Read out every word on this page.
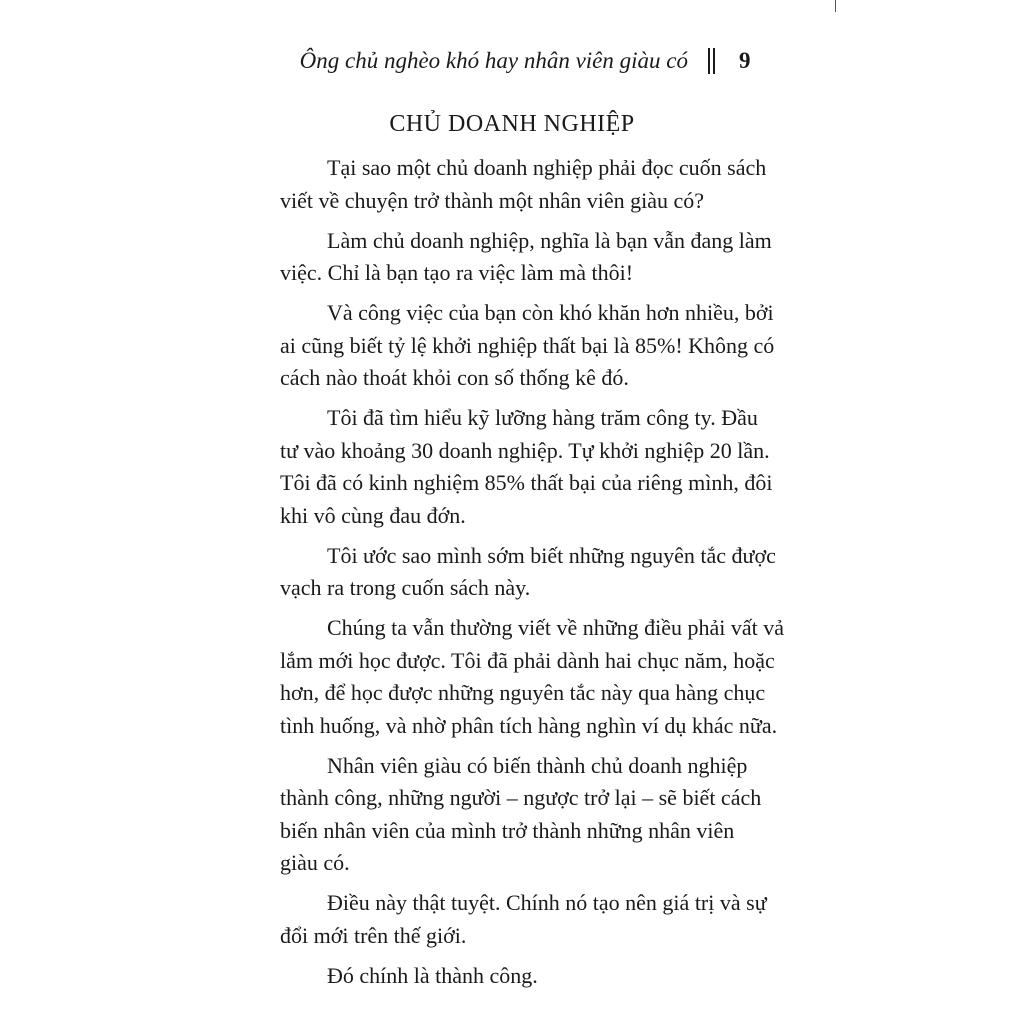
Ông chủ nghèo khó hay nhân viên giàu có 9
CHỦ DOANH NGHIỆP
Tại sao một chủ doanh nghiệp phải đọc cuốn sách
viết về chuyện trở thành một nhân viên giàu có?
Làm chủ doanh nghiệp, nghĩa là bạn vẫn đang làm
việc. Chỉ là bạn tạo ra việc làm mà thôi!
Và công việc của bạn còn khó khăn hơn nhiều, bởi
ai cũng biết tỷ lệ khởi nghiệp thất bại là 85%! Không có
cách nào thoát khỏi con số thống kê đó.
Tôi đã tìm hiểu kỹ lưỡng hàng trăm công ty. Đầu
tư vào khoảng 30 doanh nghiệp. Tự khởi nghiệp 20 lần.
Tôi đã có kinh nghiệm 85% thất bại của riêng mình, đôi
khi vô cùng đau đớn.
Tôi ước sao mình sớm biết những nguyên tắc được
vạch ra trong cuốn sách này.
Chúng ta vẫn thường viết về những điều phải vất vả
lắm mới học được. Tôi đã phải dành hai chục năm, hoặc
hơn, để học được những nguyên tắc này qua hàng chục
tình huống, và nhờ phân tích hàng nghìn ví dụ khác nữa.
Nhân viên giàu có biến thành chủ doanh nghiệp
thành công, những người – ngược trở lại – sẽ biết cách
biến nhân viên của mình trở thành những nhân viên
giàu có.
Điều này thật tuyệt. Chính nó tạo nên giá trị và sự
đổi mới trên thế giới.
Đó chính là thành công.
